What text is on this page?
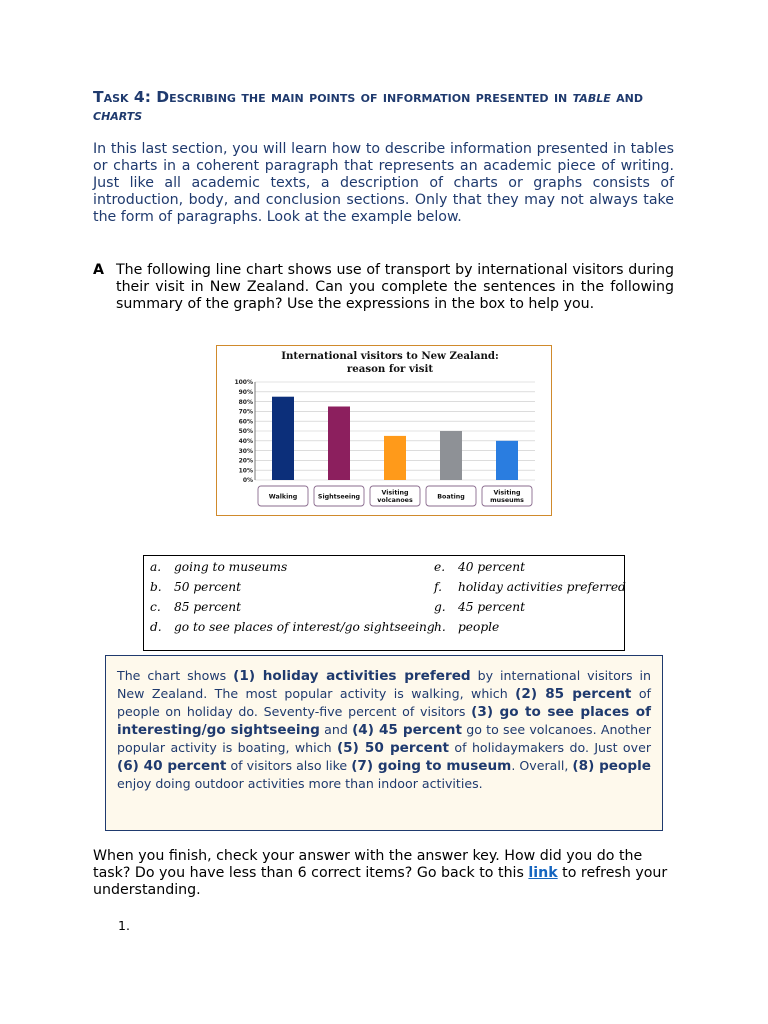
Task 4: Describing the main points of information presented in table and charts

In this last section, you will learn how to describe information presented in tables or charts in a coherent paragraph that represents an academic piece of writing. Just like all academic texts, a description of charts or graphs consists of introduction, body, and conclusion sections. Only that they may not always take the form of paragraphs. Look at the example below.

A The following line chart shows use of transport by international visitors during their visit in New Zealand. Can you complete the sentences in the following summary of the graph? Use the expressions in the box to help you.
International visitors to New Zealand:
reason for visit
0%
10%
20%
30%
40%
50%
60%
70%
80%
90%
100%
Walking	Sightseeing
Visiting
volcanoes	Boating
Visiting
museums
a. going to museums
b. 50 percent
c. 85 percent
d. go to see places of interest/go sightseeing
e. 40 percent
f. holiday activities preferred
g. 45 percent
h. people
The chart shows (1) holiday activities prefered by international visitors in New Zealand. The most popular activity is walking, which (2) 85 percent of people on holiday do. Seventy-five percent of visitors (3) go to see places of interesting/go sightseeing and (4) 45 percent go to see volcanoes. Another popular activity is boating, which (5) 50 percent of holidaymakers do. Just over (6) 40 percent of visitors also like (7) going to museum. Overall, (8) people enjoy doing outdoor activities more than indoor activities.

When you finish, check your answer with the answer key. How did you do the task? Do you have less than 6 correct items? Go back to this link to refresh your understanding.

1.
